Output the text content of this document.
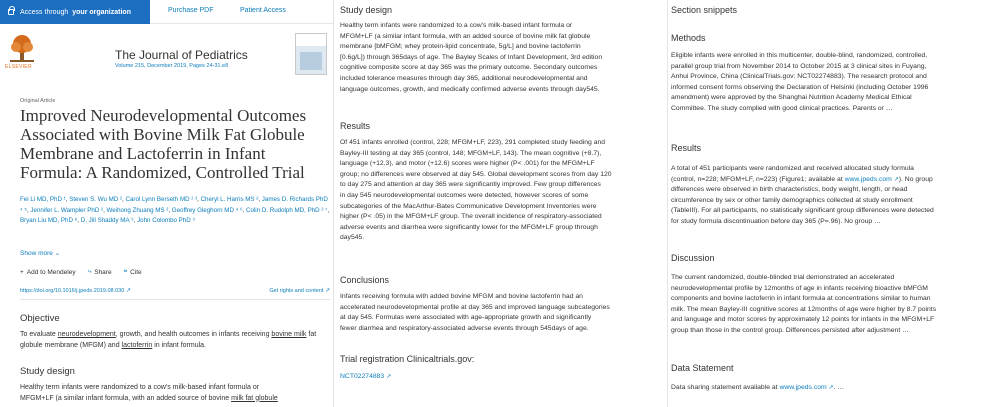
Access through your organization	Purchase PDF	Patient Access
ELSEVIER
The Journal of Pediatrics
Volume 215, December 2019, Pages 24-31.e8
Original Article
Improved Neurodevelopmental Outcomes Associated with Bovine Milk Fat Globule Membrane and Lactoferrin in Infant Formula: A Randomized, Controlled Trial
Fei Li MD, PhD ¹, Steven S. Wu MD ², Carol Lynn Berseth MD ² ³, Cheryl L. Harris MS ², James D. Richards PhD ⁴ ⁵, Jennifer L. Wampler PhD ², Weihong Zhuang MS ², Geoffrey Gleghorn MD ⁴ ⁶, Colin D. Rudolph MD, PhD ² ⁷, Bryan Liu MD, PhD ⁸, D. Jill Shaddy MA ⁹, John Colombo PhD ⁹
Show more ⌄
+ Add to Mendeley ⤷ Share ❝ Cite
https://doi.org/10.1016/j.jpeds.2019.08.030 ↗	Get rights and content ↗
Objective
To evaluate neurodevelopment, growth, and health outcomes in infants receiving bovine milk fat globule membrane (MFGM) and lactoferrin in infant formula.
Study design
Healthy term infants were randomized to a cow's milk-based infant formula or
MFGM+LF (a similar infant formula, with an added source of bovine milk fat globule
Study design
Healthy term infants were randomized to a cow's milk-based infant formula or
MFGM+LF (a similar infant formula, with an added source of bovine milk fat globule
membrane [bMFGM; whey protein-lipid concentrate, 5g/L] and bovine lactoferrin
[0.6g/L]) through 365days of age. The Bayley Scales of Infant Development, 3rd edition
cognitive composite score at day 365 was the primary outcome. Secondary outcomes
included tolerance measures through day 365, additional neurodevelopmental and
language outcomes, growth, and medically confirmed adverse events through day545.
Results
Of 451 infants enrolled (control, 228; MFGM+LF, 223), 291 completed study feeding and
Bayley-III testing at day 365 (control, 148; MFGM+LF, 143). The mean cognitive (+8.7),
language (+12.3), and motor (+12.6) scores were higher (P< .001) for the MFGM+LF
group; no differences were observed at day 545. Global development scores from day 120
to day 275 and attention at day 365 were significantly improved. Few group differences
in day 545 neurodevelopmental outcomes were detected, however scores of some
subcategories of the MacArthur-Bates Communicative Development Inventories were
higher (P< .05) in the MFGM+LF group. The overall incidence of respiratory-associated
adverse events and diarrhea were significantly lower for the MFGM+LF group through
day545.
Conclusions
Infants receiving formula with added bovine MFGM and bovine lactoferrin had an
accelerated neurodevelopmental profile at day 365 and improved language subcategories
at day 545. Formulas were associated with age-appropriate growth and significantly
fewer diarrhea and respiratory-associated adverse events through 545days of age.
Trial registration Clinicaltrials.gov:
NCT02274883 ↗
Section snippets
Methods
Eligible infants were enrolled in this multicenter, double-blind, randomized, controlled,
parallel group trial from November 2014 to October 2015 at 3 clinical sites in Fuyang,
Anhui Province, China (ClinicalTrials.gov: NCT02274883). The research protocol and
informed consent forms observing the Declaration of Helsinki (including October 1996
amendment) were approved by the Shanghai Nutrition Academy Medical Ethical
Committee. The study complied with good clinical practices. Parents or …
Results
A total of 451 participants were randomized and received allocated study formula
(control, n=228; MFGM+LF, n=223) (Figure1; available at www.jpeds.com ↗). No group
differences were observed in birth characteristics, body weight, length, or head
circumference by sex or other family demographics collected at study enrollment
(TableIII). For all participants, no statistically significant group differences were detected
for study formula discontinuation before day 365 (P=.96). No group …
Discussion
The current randomized, double-blinded trial demonstrated an accelerated
neurodevelopmental profile by 12months of age in infants receiving bioactive bMFGM
components and bovine lactoferrin in infant formula at concentrations similar to human
milk. The mean Bayley-III cognitive scores at 12months of age were higher by 8.7 points
and language and motor scores by approximately 12 points for infants in the MFGM+LF
group than those in the control group. Differences persisted after adjustment …
Data Statement
Data sharing statement available at www.jpeds.com ↗. …
